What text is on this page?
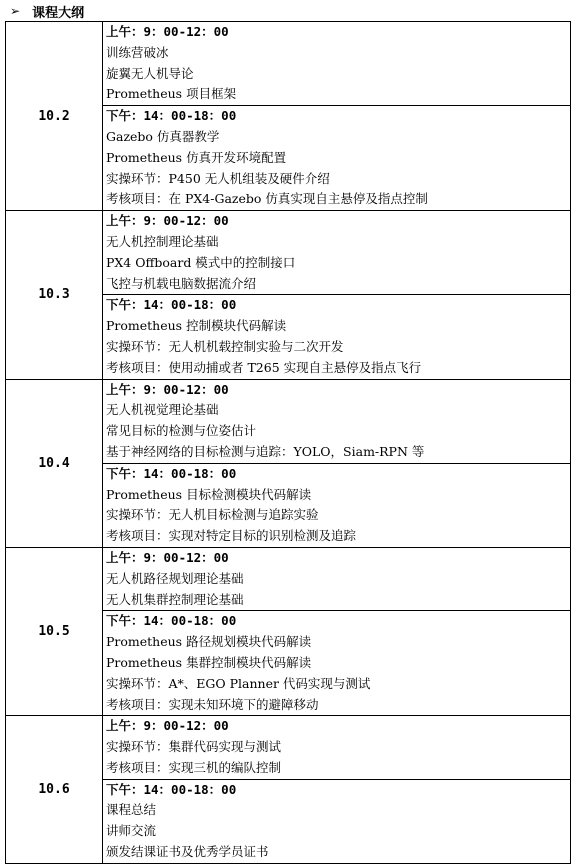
➢ 课程大纲
10.2	上午：9：00-12：00
训练营破冰
旋翼无人机导论
Prometheus 项目框架

	下午：14：00-18：00
Gazebo 仿真器教学
Prometheus 仿真开发环境配置
实操环节：P450 无人机组装及硬件介绍
考核项目：在 PX4-Gazebo 仿真实现自主悬停及指点控制

10.3	上午：9：00-12：00
无人机控制理论基础
PX4 Offboard 模式中的控制接口
飞控与机载电脑数据流介绍

	下午：14：00-18：00
Prometheus 控制模块代码解读
实操环节：无人机机载控制实验与二次开发
考核项目：使用动捕或者 T265 实现自主悬停及指点飞行

10.4	上午：9：00-12：00
无人机视觉理论基础
常见目标的检测与位姿估计
基于神经网络的目标检测与追踪：YOLO，Siam-RPN 等

	下午：14：00-18：00
Prometheus 目标检测模块代码解读
实操环节：无人机目标检测与追踪实验
考核项目：实现对特定目标的识别检测及追踪

10.5	上午：9：00-12：00
无人机路径规划理论基础
无人机集群控制理论基础

	下午：14：00-18：00
Prometheus 路径规划模块代码解读
Prometheus 集群控制模块代码解读
实操环节：A*、EGO Planner 代码实现与测试
考核项目：实现未知环境下的避障移动

10.6	上午：9：00-12：00
实操环节：集群代码实现与测试
考核项目：实现三机的编队控制

	下午：14：00-18：00
课程总结
讲师交流
颁发结课证书及优秀学员证书
